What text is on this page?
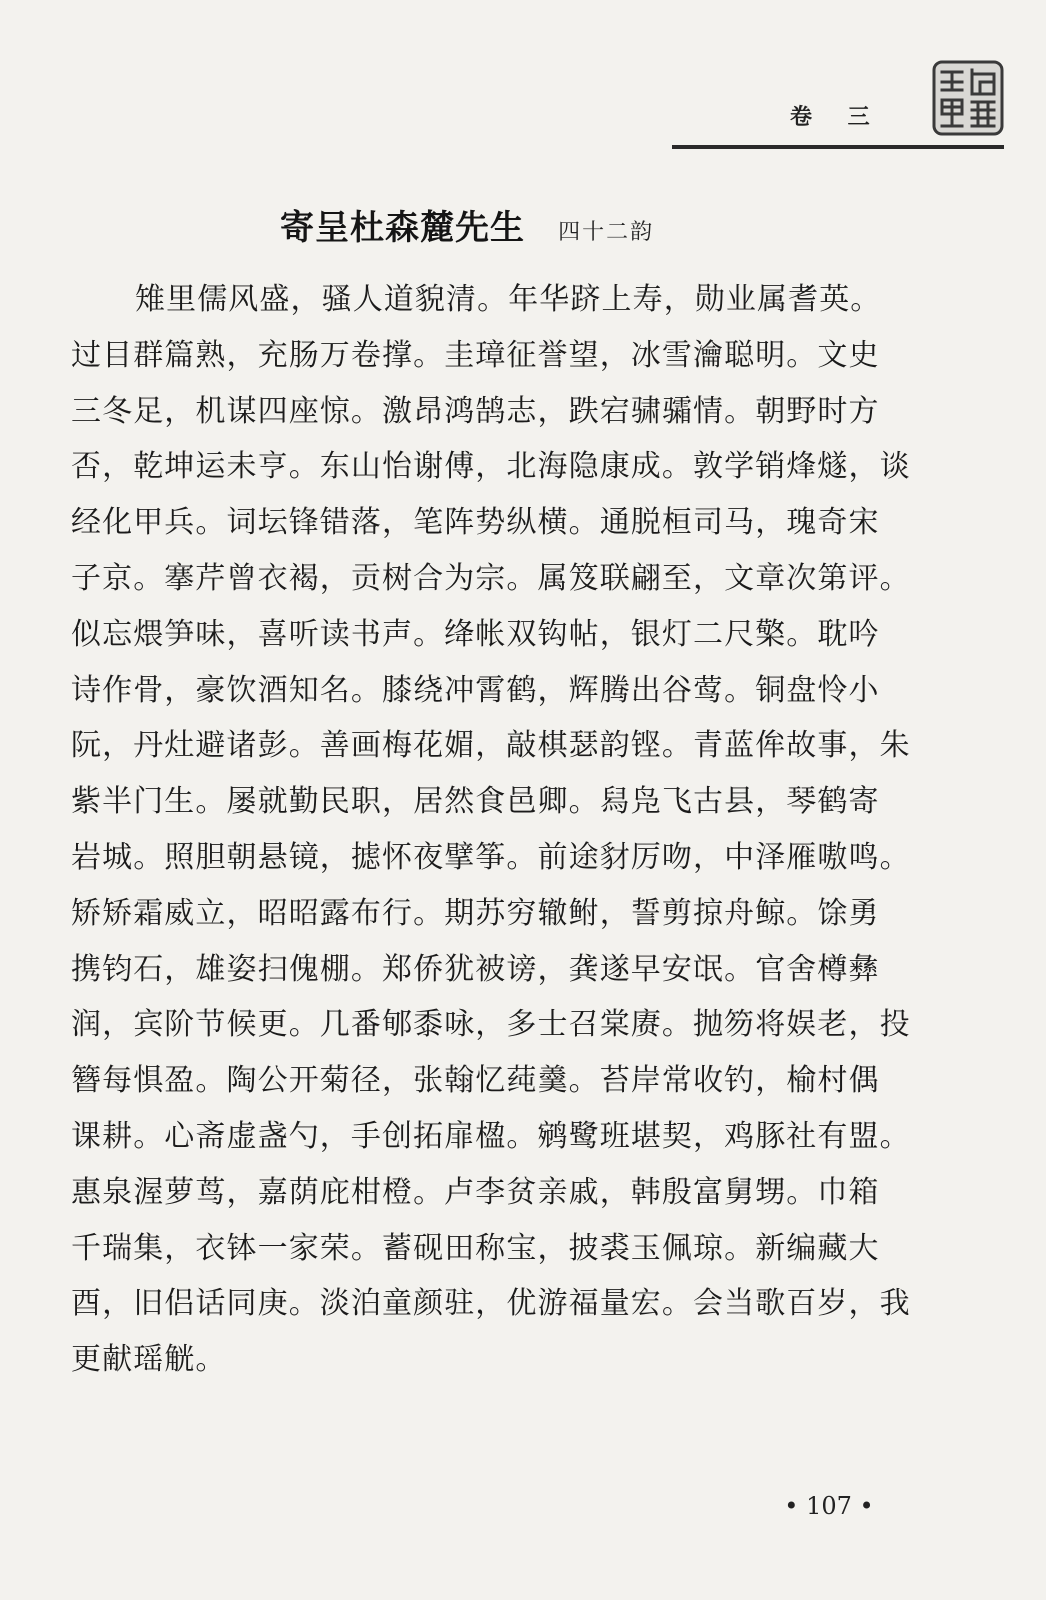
卷 三
寄呈杜森麓先生 四十二韵
雉里儒风盛，骚人道貌清。年华跻上寿，勋业属耆英。
过目群篇熟，充肠万卷撑。圭璋征誉望，冰雪瀹聪明。文史
三冬足，机谋四座惊。激昂鸿鹄志，跌宕骕骦情。朝野时方
否，乾坤运未亨。东山怡谢傅，北海隐康成。敦学销烽燧，谈
经化甲兵。词坛锋错落，笔阵势纵横。通脱桓司马，瑰奇宋
子京。搴芹曾衣褐，贡树合为宗。属笈联翩至，文章次第评。
似忘煨笋味，喜听读书声。绛帐双钩帖，银灯二尺檠。耽吟
诗作骨，豪饮酒知名。膝绕冲霄鹤，辉腾出谷莺。铜盘怜小
阮，丹灶避诸彭。善画梅花媚，敲棋瑟韵铿。青蓝侔故事，朱
紫半门生。屡就勤民职，居然食邑卿。舄凫飞古县，琴鹤寄
岩城。照胆朝悬镜，摅怀夜擘筝。前途豺厉吻，中泽雁嗷鸣。
矫矫霜威立，昭昭露布行。期苏穷辙鲋，誓剪掠舟鲸。馀勇
携钧石，雄姿扫傀棚。郑侨犹被谤，龚遂早安氓。官舍樽彝
润，宾阶节候更。几番郇黍咏，多士召棠赓。抛笏将娱老，投
簪每惧盈。陶公开菊径，张翰忆莼羹。苔岸常收钓，榆村偶
课耕。心斋虚盏勺，手创拓扉楹。鹓鹭班堪契，鸡豚社有盟。
惠泉渥萝茑，嘉荫庇柑橙。卢李贫亲戚，韩殷富舅甥。巾箱
千瑞集，衣钵一家荣。蓄砚田称宝，披裘玉佩琼。新编藏大
酉，旧侣话同庚。淡泊童颜驻，优游福量宏。会当歌百岁，我
更献瑶觥。
• 107 •
